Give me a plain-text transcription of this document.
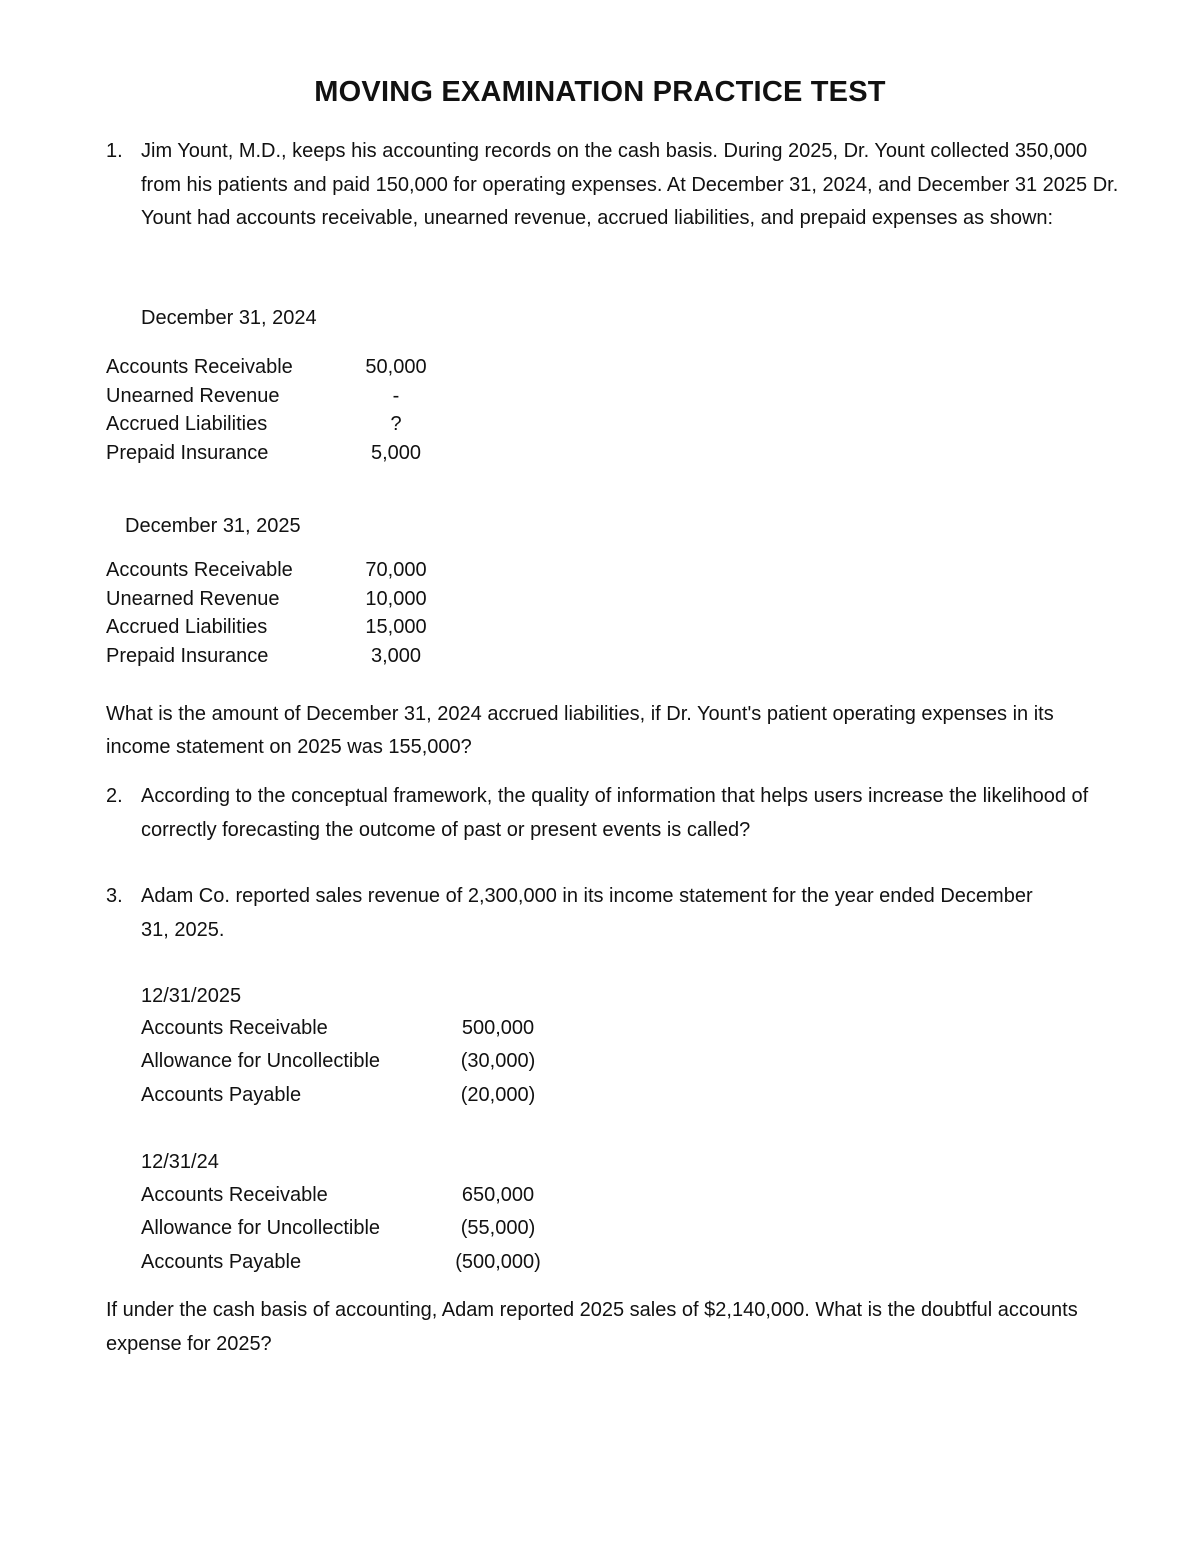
MOVING EXAMINATION PRACTICE TEST
1. Jim Yount, M.D., keeps his accounting records on the cash basis. During 2025, Dr. Yount collected 350,000 from his patients and paid 150,000 for operating expenses. At December 31, 2024, and December 31 2025 Dr. Yount had accounts receivable, unearned revenue, accrued liabilities, and prepaid expenses as shown:
December 31, 2024
Accounts Receivable
Unearned Revenue
Accrued Liabilities
Prepaid Insurance
50,000
-
?
5,000
December 31, 2025
Accounts Receivable
Unearned Revenue
Accrued Liabilities
Prepaid Insurance
70,000
10,000
15,000
3,000
What is the amount of December 31, 2024 accrued liabilities, if Dr. Yount's patient operating expenses in its income statement on 2025 was 155,000?
2. According to the conceptual framework, the quality of information that helps users increase the likelihood of correctly forecasting the outcome of past or present events is called?
3. Adam Co. reported sales revenue of 2,300,000 in its income statement for the year ended December 31, 2025.
12/31/2025
Accounts Receivable
Allowance for Uncollectible
Accounts Payable
500,000
(30,000)
(20,000)
12/31/24
Accounts Receivable
Allowance for Uncollectible
Accounts Payable
650,000
(55,000)
(500,000)
If under the cash basis of accounting, Adam reported 2025 sales of $2,140,000. What is the doubtful accounts expense for 2025?
